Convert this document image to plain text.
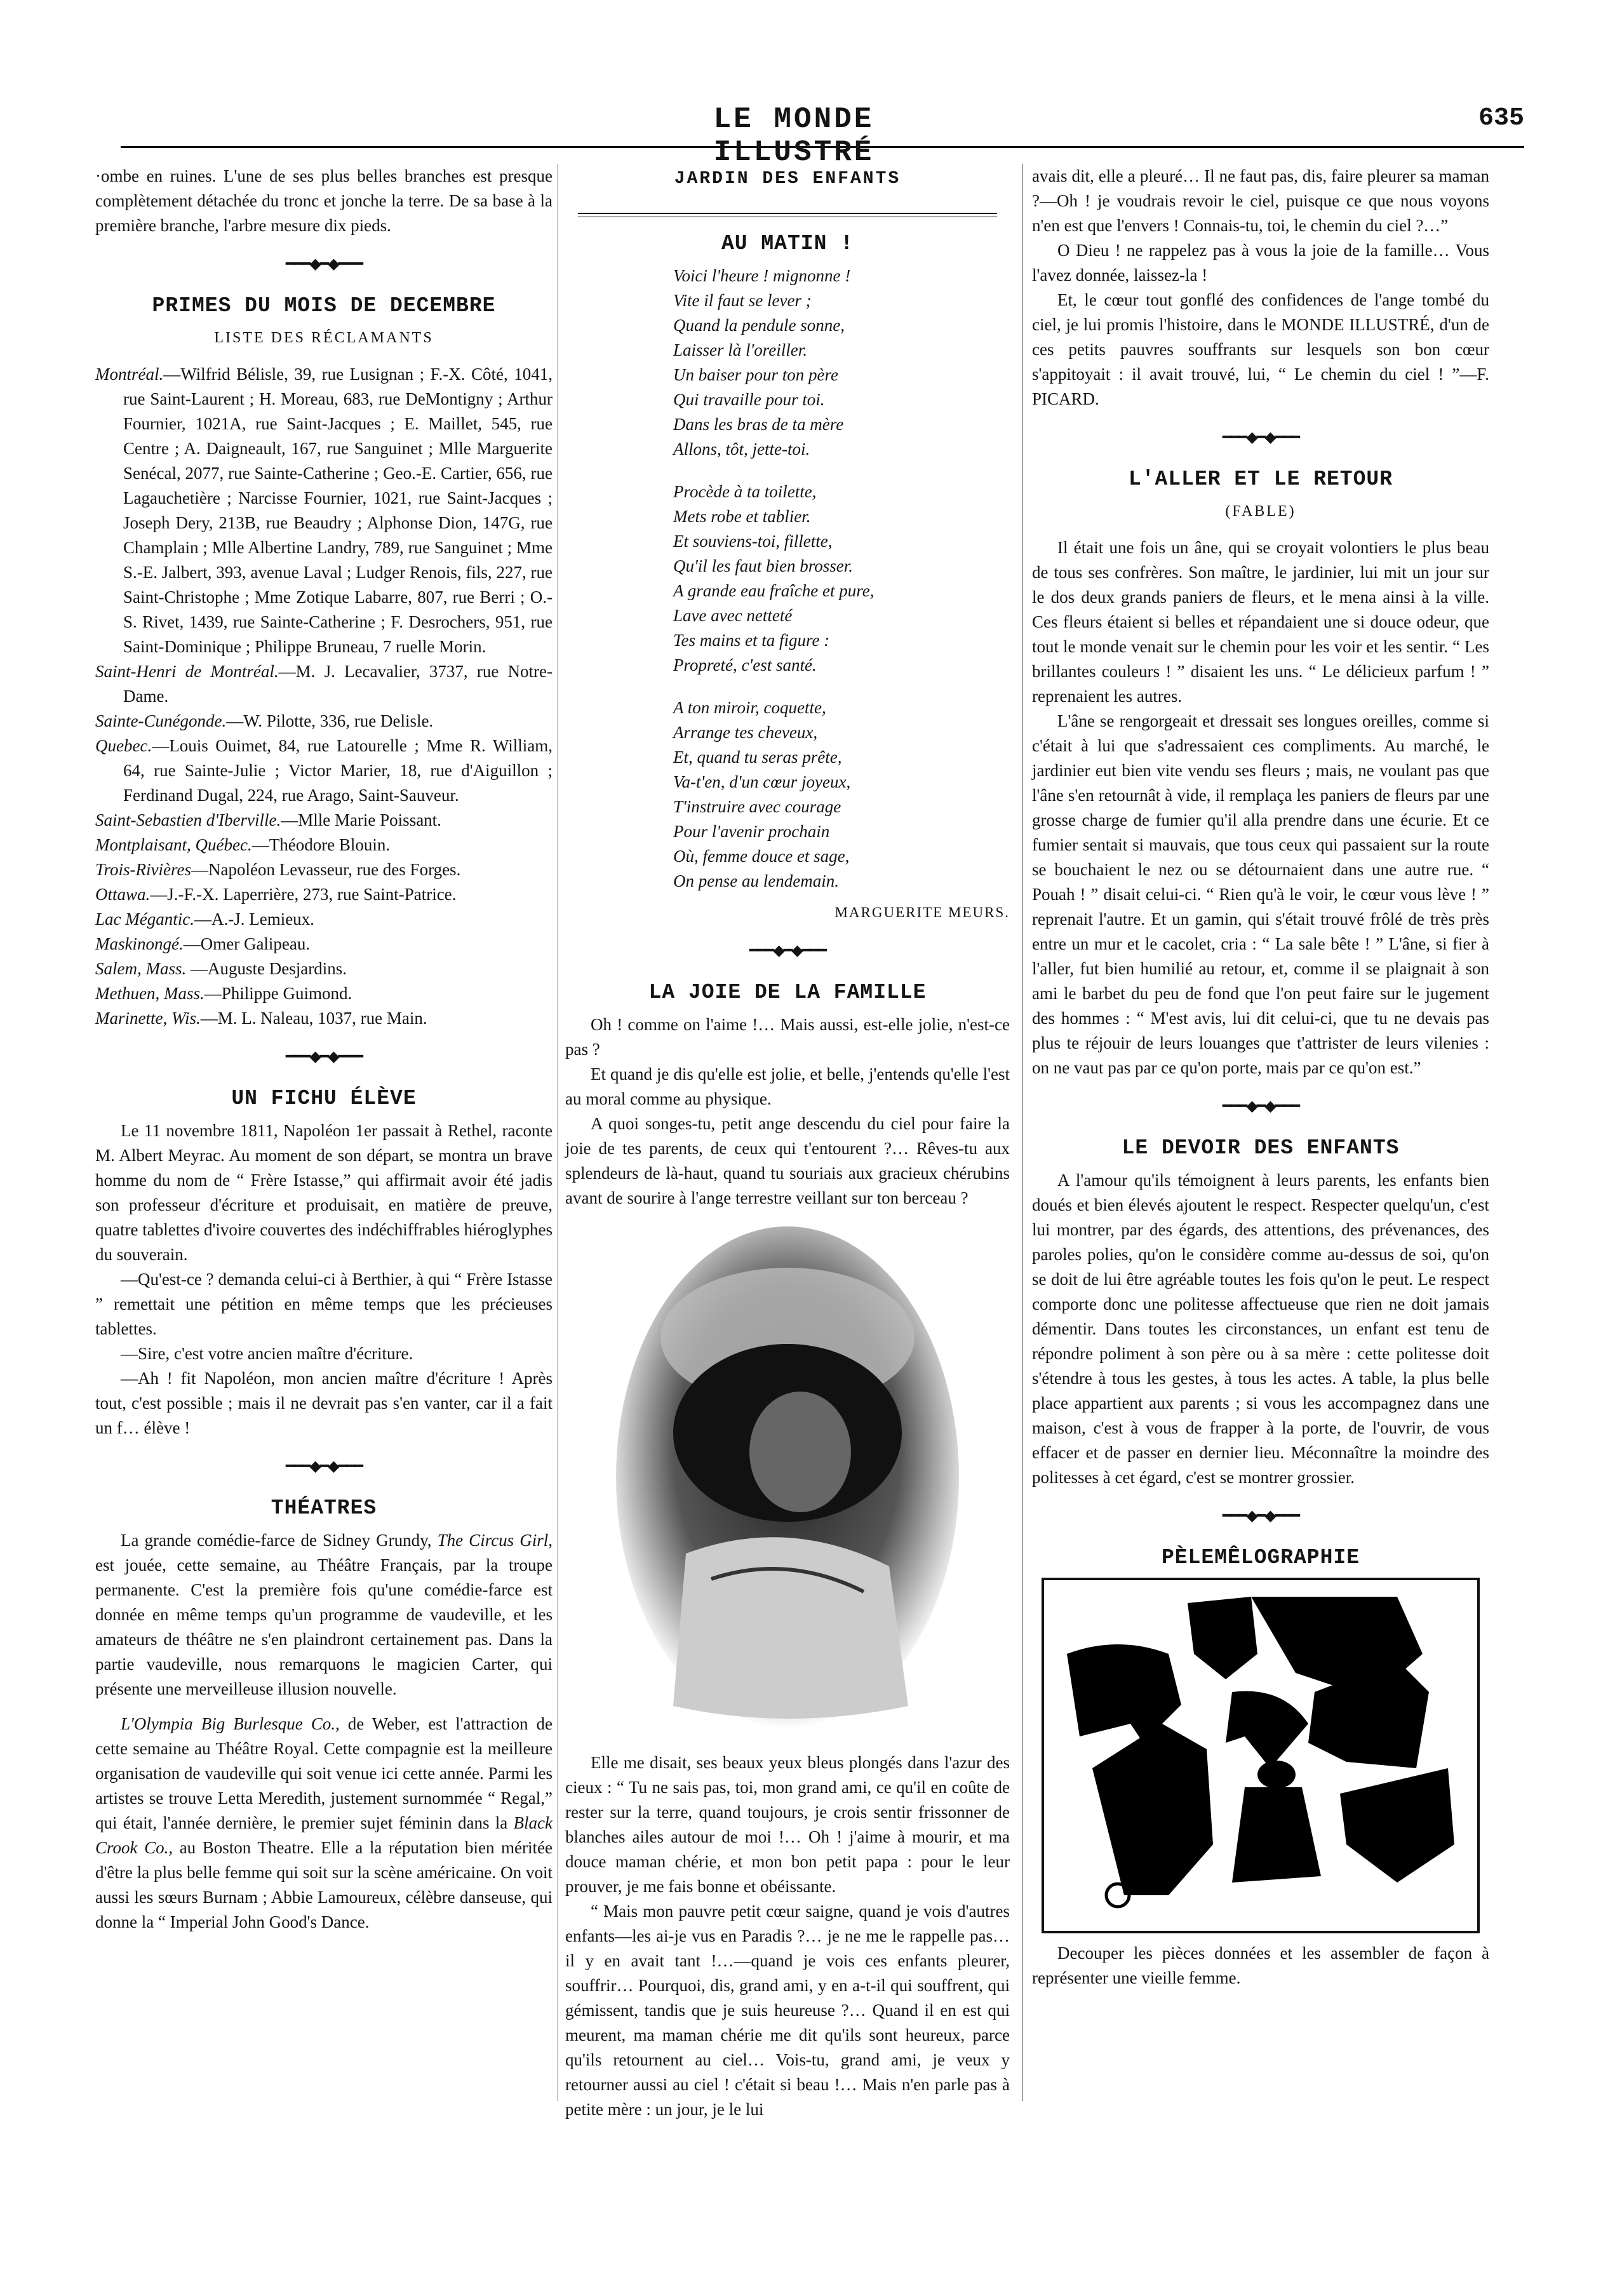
LE MONDE ILLUSTRÉ
635

·ombe en ruines. L'une de ses plus belles branches est presque complètement détachée du tronc et jonche la terre. De sa base à la première branche, l'arbre mesure dix pieds.

━━━◆━◆━━━
PRIMES DU MOIS DE DECEMBRE
LISTE DES RÉCLAMANTS

Montréal.—Wilfrid Bélisle, 39, rue Lusignan ; F.-X. Côté, 1041, rue Saint-Laurent ; H. Moreau, 683, rue DeMontigny ; Arthur Fournier, 1021A, rue Saint-Jacques ; E. Maillet, 545, rue Centre ; A. Daigneault, 167, rue Sanguinet ; Mlle Marguerite Senécal, 2077, rue Sainte-Catherine ; Geo.-E. Cartier, 656, rue Lagauchetière ; Narcisse Fournier, 1021, rue Saint-Jacques ; Joseph Dery, 213B, rue Beaudry ; Alphonse Dion, 147G, rue Champlain ; Mlle Albertine Landry, 789, rue Sanguinet ; Mme S.-E. Jalbert, 393, avenue Laval ; Ludger Renois, fils, 227, rue Saint-Christophe ; Mme Zotique Labarre, 807, rue Berri ; O.-S. Rivet, 1439, rue Sainte-Catherine ; F. Desrochers, 951, rue Saint-Dominique ; Philippe Bruneau, 7 ruelle Morin.

Saint-Henri de Montréal.—M. J. Lecavalier, 3737, rue Notre-Dame.

Sainte-Cunégonde.—W. Pilotte, 336, rue Delisle.

Quebec.—Louis Ouimet, 84, rue Latourelle ; Mme R. William, 64, rue Sainte-Julie ; Victor Marier, 18, rue d'Aiguillon ; Ferdinand Dugal, 224, rue Arago, Saint-Sauveur.

Saint-Sebastien d'Iberville.—Mlle Marie Poissant.

Montplaisant, Québec.—Théodore Blouin.

Trois-Rivières—Napoléon Levasseur, rue des Forges.

Ottawa.—J.-F.-X. Laperrière, 273, rue Saint-Patrice.

Lac Mégantic.—A.-J. Lemieux.

Maskinongé.—Omer Galipeau.

Salem, Mass. —Auguste Desjardins.

Methuen, Mass.—Philippe Guimond.

Marinette, Wis.—M. L. Naleau, 1037, rue Main.

━━━◆━◆━━━
UN FICHU ÉLÈVE

Le 11 novembre 1811, Napoléon 1er passait à Rethel, raconte M. Albert Meyrac. Au moment de son départ, se montra un brave homme du nom de “ Frère Istasse,” qui affirmait avoir été jadis son professeur d'écriture et produisait, en matière de preuve, quatre tablettes d'ivoire couvertes des indéchiffrables hiéroglyphes du souverain.

—Qu'est-ce ? demanda celui-ci à Berthier, à qui “ Frère Istasse ” remettait une pétition en même temps que les précieuses tablettes.

—Sire, c'est votre ancien maître d'écriture.

—Ah ! fit Napoléon, mon ancien maître d'écriture ! Après tout, c'est possible ; mais il ne devrait pas s'en vanter, car il a fait un f… élève !

━━━◆━◆━━━
THÉATRES

La grande comédie-farce de Sidney Grundy, The Circus Girl, est jouée, cette semaine, au Théâtre Français, par la troupe permanente. C'est la première fois qu'une comédie-farce est donnée en même temps qu'un programme de vaudeville, et les amateurs de théâtre ne s'en plaindront certainement pas. Dans la partie vaudeville, nous remarquons le magicien Carter, qui présente une merveilleuse illusion nouvelle.

L'Olympia Big Burlesque Co., de Weber, est l'attraction de cette semaine au Théâtre Royal. Cette compagnie est la meilleure organisation de vaudeville qui soit venue ici cette année. Parmi les artistes se trouve Letta Meredith, justement surnommée “ Regal,” qui était, l'année dernière, le premier sujet féminin dans la Black Crook Co., au Boston Theatre. Elle a la réputation bien méritée d'être la plus belle femme qui soit sur la scène américaine. On voit aussi les sœurs Burnam ; Abbie Lamoureux, célèbre danseuse, qui donne la “ Imperial John Good's Dance.

JARDIN DES ENFANTS
AU MATIN !
Voici l'heure ! mignonne !
Vite il faut se lever ;
Quand la pendule sonne,
Laisser là l'oreiller.
Un baiser pour ton père
Qui travaille pour toi.
Dans les bras de ta mère
Allons, tôt, jette-toi.
Procède à ta toilette,
Mets robe et tablier.
Et souviens-toi, fillette,
Qu'il les faut bien brosser.
A grande eau fraîche et pure,
Lave avec netteté
Tes mains et ta figure :
Propreté, c'est santé.
A ton miroir, coquette,
Arrange tes cheveux,
Et, quand tu seras prête,
Va-t'en, d'un cœur joyeux,
T'instruire avec courage
Pour l'avenir prochain
Où, femme douce et sage,
On pense au lendemain.
MARGUERITE MEURS.
━━━◆━◆━━━
LA JOIE DE LA FAMILLE

Oh ! comme on l'aime !… Mais aussi, est-elle jolie, n'est-ce pas ?

Et quand je dis qu'elle est jolie, et belle, j'entends qu'elle l'est au moral comme au physique.

A quoi songes-tu, petit ange descendu du ciel pour faire la joie de tes parents, de ceux qui t'entourent ?… Rêves-tu aux splendeurs de là-haut, quand tu souriais aux gracieux chérubins avant de sourire à l'ange terrestre veillant sur ton berceau ?

Elle me disait, ses beaux yeux bleus plongés dans l'azur des cieux : “ Tu ne sais pas, toi, mon grand ami, ce qu'il en coûte de rester sur la terre, quand toujours, je crois sentir frissonner de blanches ailes autour de moi !… Oh ! j'aime à mourir, et ma douce maman chérie, et mon bon petit papa : pour le leur prouver, je me fais bonne et obéissante.

“ Mais mon pauvre petit cœur saigne, quand je vois d'autres enfants—les ai-je vus en Paradis ?… je ne me le rappelle pas… il y en avait tant !…—quand je vois ces enfants pleurer, souffrir… Pourquoi, dis, grand ami, y en a-t-il qui souffrent, qui gémissent, tandis que je suis heureuse ?… Quand il en est qui meurent, ma maman chérie me dit qu'ils sont heureux, parce qu'ils retournent au ciel… Vois-tu, grand ami, je veux y retourner aussi au ciel ! c'était si beau !… Mais n'en parle pas à petite mère : un jour, je le lui

avais dit, elle a pleuré… Il ne faut pas, dis, faire pleurer sa maman ?—Oh ! je voudrais revoir le ciel, puisque ce que nous voyons n'en est que l'envers ! Connais-tu, toi, le chemin du ciel ?…”

O Dieu ! ne rappelez pas à vous la joie de la famille… Vous l'avez donnée, laissez-la !

Et, le cœur tout gonflé des confidences de l'ange tombé du ciel, je lui promis l'histoire, dans le MONDE ILLUSTRÉ, d'un de ces petits pauvres souffrants sur lesquels son bon cœur s'appitoyait : il avait trouvé, lui, “ Le chemin du ciel ! ”—F. PICARD.

━━━◆━◆━━━
L'ALLER ET LE RETOUR
(FABLE)

Il était une fois un âne, qui se croyait volontiers le plus beau de tous ses confrères. Son maître, le jardinier, lui mit un jour sur le dos deux grands paniers de fleurs, et le mena ainsi à la ville. Ces fleurs étaient si belles et répandaient une si douce odeur, que tout le monde venait sur le chemin pour les voir et les sentir. “ Les brillantes couleurs ! ” disaient les uns. “ Le délicieux parfum ! ” reprenaient les autres.

L'âne se rengorgeait et dressait ses longues oreilles, comme si c'était à lui que s'adressaient ces compliments. Au marché, le jardinier eut bien vite vendu ses fleurs ; mais, ne voulant pas que l'âne s'en retournât à vide, il remplaça les paniers de fleurs par une grosse charge de fumier qu'il alla prendre dans une écurie. Et ce fumier sentait si mauvais, que tous ceux qui passaient sur la route se bouchaient le nez ou se détournaient dans une autre rue. “ Pouah ! ” disait celui-ci. “ Rien qu'à le voir, le cœur vous lève ! ” reprenait l'autre. Et un gamin, qui s'était trouvé frôlé de très près entre un mur et le cacolet, cria : “ La sale bête ! ” L'âne, si fier à l'aller, fut bien humilié au retour, et, comme il se plaignait à son ami le barbet du peu de fond que l'on peut faire sur le jugement des hommes : “ M'est avis, lui dit celui-ci, que tu ne devais pas plus te réjouir de leurs louanges que t'attrister de leurs vilenies : on ne vaut pas par ce qu'on porte, mais par ce qu'on est.”

━━━◆━◆━━━
LE DEVOIR DES ENFANTS

A l'amour qu'ils témoignent à leurs parents, les enfants bien doués et bien élevés ajoutent le respect. Respecter quelqu'un, c'est lui montrer, par des égards, des attentions, des prévenances, des paroles polies, qu'on le considère comme au-dessus de soi, qu'on se doit de lui être agréable toutes les fois qu'on le peut. Le respect comporte donc une politesse affectueuse que rien ne doit jamais démentir. Dans toutes les circonstances, un enfant est tenu de répondre poliment à son père ou à sa mère : cette politesse doit s'étendre à tous les gestes, à tous les actes. A table, la plus belle place appartient aux parents ; si vous les accompagnez dans une maison, c'est à vous de frapper à la porte, de l'ouvrir, de vous effacer et de passer en dernier lieu. Méconnaître la moindre des politesses à cet égard, c'est se montrer grossier.

━━━◆━◆━━━
PÈLEMÊLOGRAPHIE

Decouper les pièces données et les assembler de façon à représenter une vieille femme.
